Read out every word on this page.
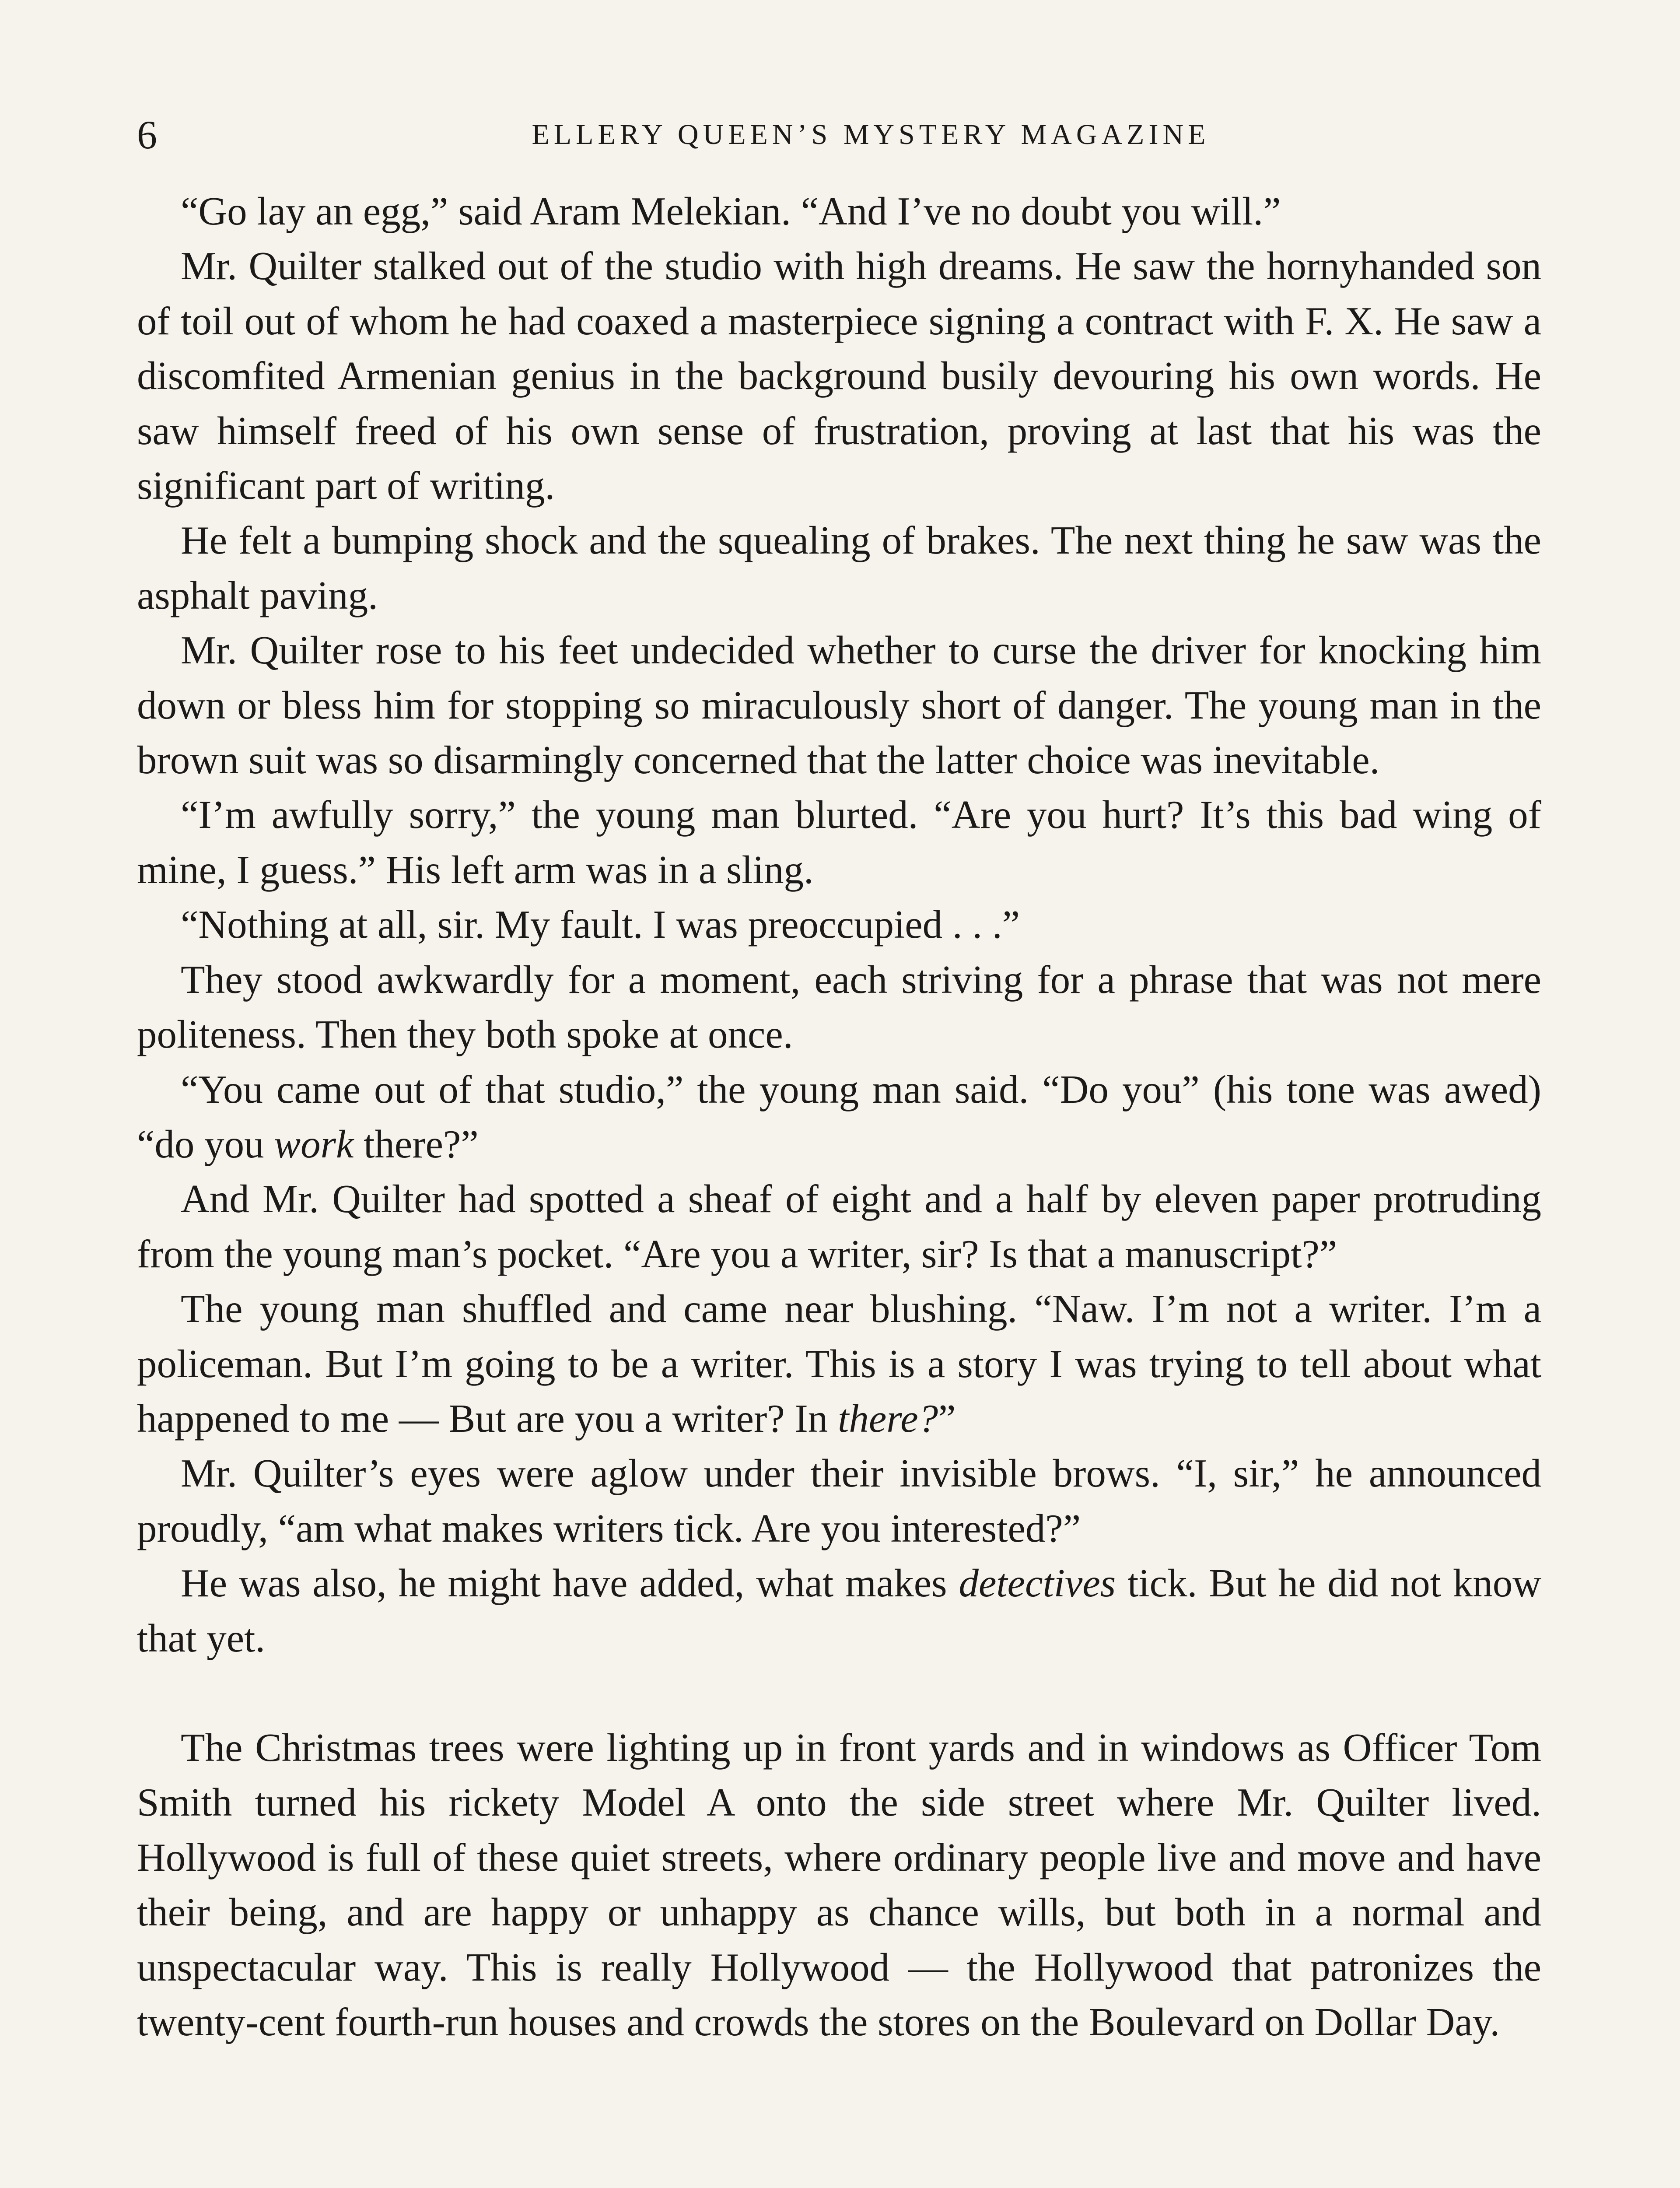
6	ELLERY QUEEN’S MYSTERY MAGAZINE

“Go lay an egg,” said Aram Melekian. “And I’ve no doubt you will.”

Mr. Quilter stalked out of the studio with high dreams. He saw the hornyhanded son of toil out of whom he had coaxed a masterpiece signing a contract with F. X. He saw a discomfited Armenian genius in the background busily devouring his own words. He saw himself freed of his own sense of frustration, proving at last that his was the significant part of writing.

He felt a bumping shock and the squealing of brakes. The next thing he saw was the asphalt paving.

Mr. Quilter rose to his feet undecided whether to curse the driver for knocking him down or bless him for stopping so miraculously short of danger. The young man in the brown suit was so disarmingly concerned that the latter choice was inevitable.

“I’m awfully sorry,” the young man blurted. “Are you hurt? It’s this bad wing of mine, I guess.” His left arm was in a sling.

“Nothing at all, sir. My fault. I was preoccupied . . .”

They stood awkwardly for a moment, each striving for a phrase that was not mere politeness. Then they both spoke at once.

“You came out of that studio,” the young man said. “Do you” (his tone was awed) “do you work there?”

And Mr. Quilter had spotted a sheaf of eight and a half by eleven paper protruding from the young man’s pocket. “Are you a writer, sir? Is that a manuscript?”

The young man shuffled and came near blushing. “Naw. I’m not a writer. I’m a policeman. But I’m going to be a writer. This is a story I was trying to tell about what happened to me — But are you a writer? In there?”

Mr. Quilter’s eyes were aglow under their invisible brows. “I, sir,” he announced proudly, “am what makes writers tick. Are you interested?”

He was also, he might have added, what makes detectives tick. But he did not know that yet.

The Christmas trees were lighting up in front yards and in windows as Officer Tom Smith turned his rickety Model A onto the side street where Mr. Quilter lived. Hollywood is full of these quiet streets, where ordinary people live and move and have their being, and are happy or unhappy as chance wills, but both in a normal and unspectacular way. This is really Hollywood — the Hollywood that patronizes the twenty-cent fourth-run houses and crowds the stores on the Boulevard on Dollar Day.
